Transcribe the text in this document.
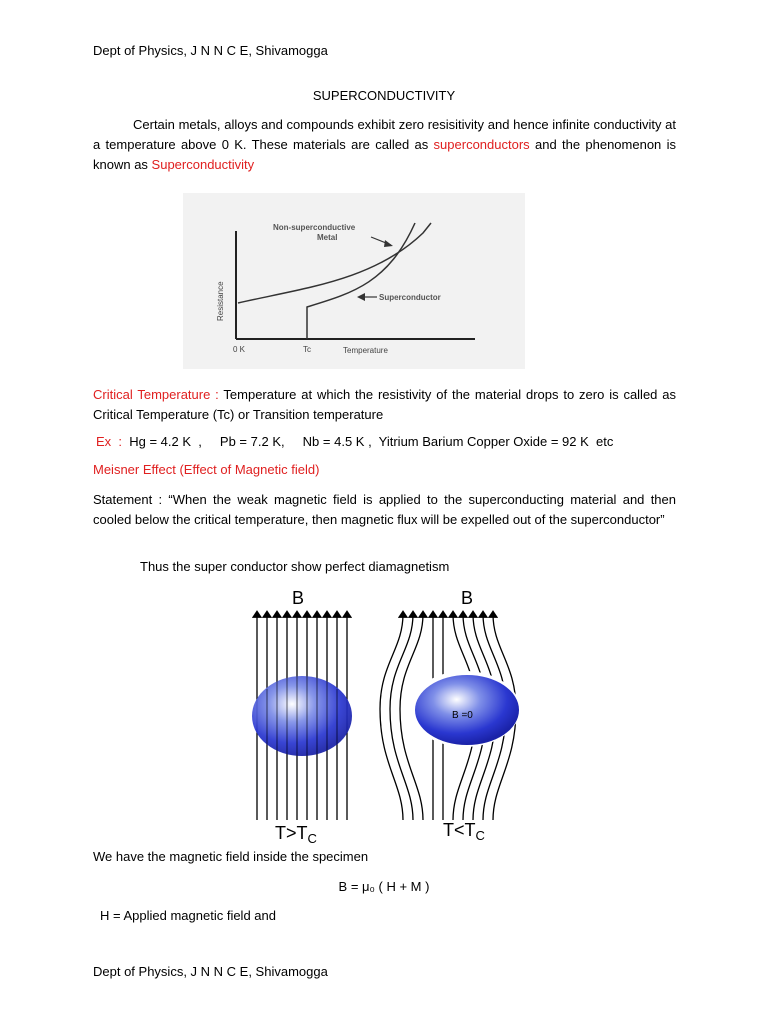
Dept of Physics, J N N C E, Shivamogga
SUPERCONDUCTIVITY
Certain metals, alloys and compounds exhibit zero resisitivity and hence infinite conductivity at a temperature above 0 K. These materials are called as superconductors and the phenomenon is known as Superconductivity
Non-superconductive
Metal
Superconductor
Resistance
0 K	Tc	Temperature
Critical Temperature : Temperature at which the resistivity of the material drops to zero is called as Critical Temperature (Tc) or Transition temperature
Ex  :  Hg = 4.2 K  ,     Pb = 7.2 K,     Nb = 4.5 K ,  Yitrium Barium Copper Oxide = 92 K  etc
Meisner Effect (Effect of Magnetic field)
Statement : “When the weak magnetic field is applied to the superconducting material and then cooled below the critical temperature, then magnetic flux will be expelled out of the superconductor”
Thus the super conductor show perfect diamagnetism
B
B =0
B
$T>T_C$	$T<T_C$
We have the magnetic field inside the specimen
B = μ₀ ( H + M )
H = Applied magnetic field and
Dept of Physics, J N N C E, Shivamogga
